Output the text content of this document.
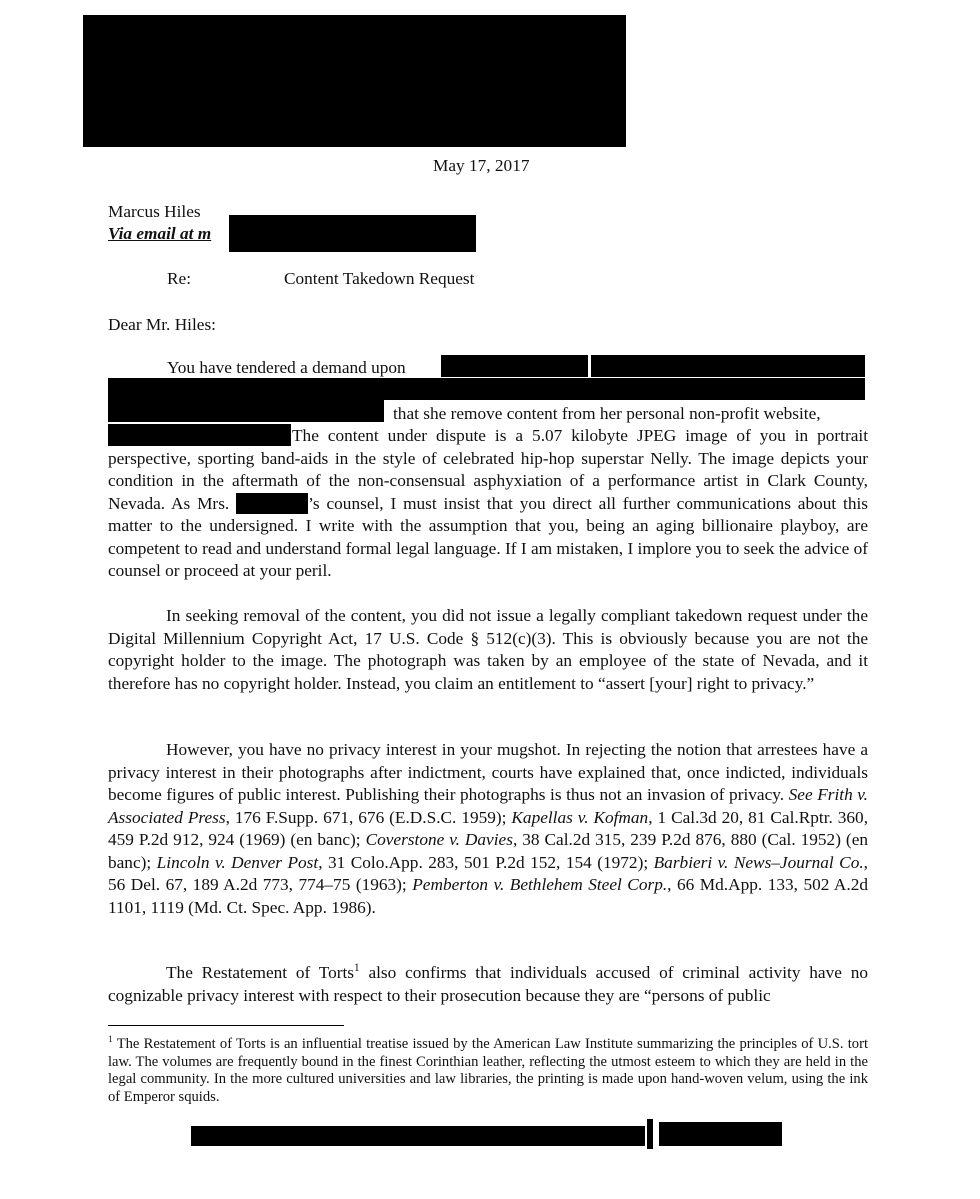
May 17, 2017
Marcus Hiles
Via email at m
Re:	Content Takedown Request
Dear Mr. Hiles:
You have tendered a demand upon
that she remove content from her personal non-profit website,
The content under dispute is a 5.07 kilobyte JPEG image of you in portrait perspective, sporting band-aids in the style of celebrated hip-hop superstar Nelly. The image depicts your condition in the aftermath of the non-consensual asphyxiation of a performance artist in Clark County, Nevada. As Mrs.	’s counsel, I must insist that you direct all further communications about this matter to the undersigned. I write with the assumption that you, being an aging billionaire playboy, are competent to read and understand formal legal language. If I am mistaken, I implore you to seek the advice of counsel or proceed at your peril.
In seeking removal of the content, you did not issue a legally compliant takedown request under the Digital Millennium Copyright Act, 17 U.S. Code § 512(c)(3). This is obviously because you are not the copyright holder to the image. The photograph was taken by an employee of the state of Nevada, and it therefore has no copyright holder. Instead, you claim an entitlement to “assert [your] right to privacy.”
However, you have no privacy interest in your mugshot. In rejecting the notion that arrestees have a privacy interest in their photographs after indictment, courts have explained that, once indicted, individuals become figures of public interest. Publishing their photographs is thus not an invasion of privacy. See Frith v. Associated Press, 176 F.Supp. 671, 676 (E.D.S.C. 1959); Kapellas v. Kofman, 1 Cal.3d 20, 81 Cal.Rptr. 360, 459 P.2d 912, 924 (1969) (en banc); Coverstone v. Davies, 38 Cal.2d 315, 239 P.2d 876, 880 (Cal. 1952) (en banc); Lincoln v. Denver Post, 31 Colo.App. 283, 501 P.2d 152, 154 (1972); Barbieri v. News–Journal Co., 56 Del. 67, 189 A.2d 773, 774–75 (1963); Pemberton v. Bethlehem Steel Corp., 66 Md.App. 133, 502 A.2d 1101, 1119 (Md. Ct. Spec. App. 1986).
The Restatement of Torts$^1$ also confirms that individuals accused of criminal activity have no cognizable privacy interest with respect to their prosecution because they are “persons of public
$^1$ The Restatement of Torts is an influential treatise issued by the American Law Institute summarizing the principles of U.S. tort law. The volumes are frequently bound in the finest Corinthian leather, reflecting the utmost esteem to which they are held in the legal community. In the more cultured universities and law libraries, the printing is made upon hand-woven velum, using the ink of Emperor squids.
